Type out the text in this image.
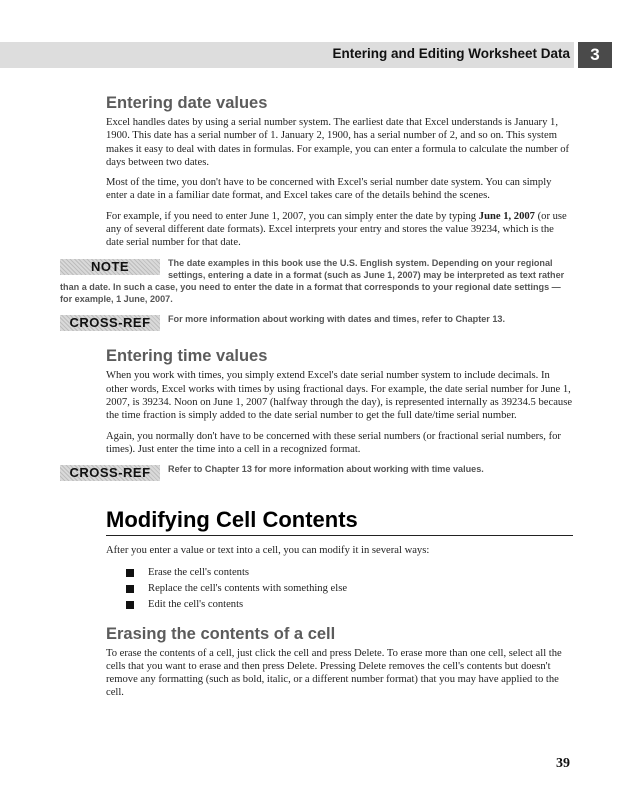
Entering and Editing Worksheet Data	3
Entering date values

Excel handles dates by using a serial number system. The earliest date that Excel understands is January 1, 1900. This date has a serial number of 1. January 2, 1900, has a serial number of 2, and so on. This system makes it easy to deal with dates in formulas. For example, you can enter a formula to calculate the number of days between two dates.

Most of the time, you don't have to be concerned with Excel's serial number date system. You can simply enter a date in a familiar date format, and Excel takes care of the details behind the scenes.

For example, if you need to enter June 1, 2007, you can simply enter the date by typing June 1, 2007 (or use any of several different date formats). Excel interprets your entry and stores the value 39234, which is the date serial number for that date.

NOTE	The date examples in this book use the U.S. English system. Depending on your regional settings, entering a date in a format (such as June 1, 2007) may be interpreted as text rather than a date. In such a case, you need to enter the date in a format that corresponds to your regional date settings — for example, 1 June, 2007.
CROSS-REF	For more information about working with dates and times, refer to Chapter 13.
Entering time values

When you work with times, you simply extend Excel's date serial number system to include decimals. In other words, Excel works with times by using fractional days. For example, the date serial number for June 1, 2007, is 39234. Noon on June 1, 2007 (halfway through the day), is represented internally as 39234.5 because the time fraction is simply added to the date serial number to get the full date/time serial number.

Again, you normally don't have to be concerned with these serial numbers (or fractional serial numbers, for times). Just enter the time into a cell in a recognized format.

CROSS-REF	Refer to Chapter 13 for more information about working with time values.
Modifying Cell Contents

After you enter a value or text into a cell, you can modify it in several ways:

Erase the cell's contents
Replace the cell's contents with something else
Edit the cell's contents
Erasing the contents of a cell

To erase the contents of a cell, just click the cell and press Delete. To erase more than one cell, select all the cells that you want to erase and then press Delete. Pressing Delete removes the cell's contents but doesn't remove any formatting (such as bold, italic, or a different number format) that you may have applied to the cell.

39
